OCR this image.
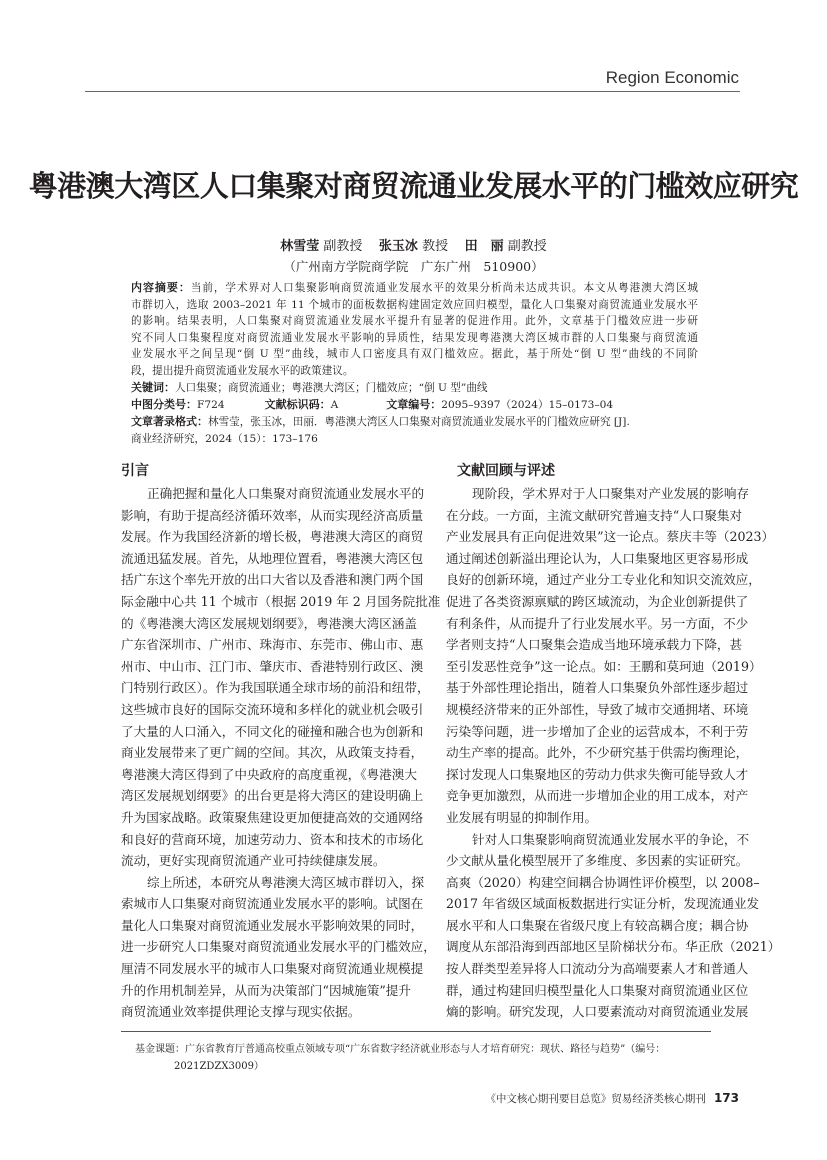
Region Economic
粤港澳大湾区人口集聚对商贸流通业发展水平的门槛效应研究
林雪莹 副教授 张玉冰 教授 田　丽 副教授
（广州南方学院商学院　广东广州　510900）
内容摘要：当前，学术界对人口集聚影响商贸流通业发展水平的效果分析尚未达成共识。本文从粤港澳大湾区城
市群切入，选取 2003–2021 年 11 个城市的面板数据构建固定效应回归模型，量化人口集聚对商贸流通业发展水平
的影响。结果表明，人口集聚对商贸流通业发展水平提升有显著的促进作用。此外，文章基于门槛效应进一步研
究不同人口集聚程度对商贸流通业发展水平影响的异质性，结果发现粤港澳大湾区城市群的人口集聚与商贸流通
业发展水平之间呈现“倒 U 型”曲线，城市人口密度具有双门槛效应。据此，基于所处“倒 U 型”曲线的不同阶
段，提出提升商贸流通业发展水平的政策建议。
关键词：人口集聚；商贸流通业；粤港澳大湾区；门槛效应；“倒 U 型”曲线
中图分类号：F724	文献标识码：A	文章编号：2095–9397（2024）15–0173–04
文章著录格式：林雪莹，张玉冰，田丽．粤港澳大湾区人口集聚对商贸流通业发展水平的门槛效应研究 [J].
商业经济研究，2024（15）：173–176
引言	文献回顾与评述
正确把握和量化人口集聚对商贸流通业发展水平的
影响，有助于提高经济循环效率，从而实现经济高质量
发展。作为我国经济新的增长极，粤港澳大湾区的商贸
流通迅猛发展。首先，从地理位置看，粤港澳大湾区包
括广东这个率先开放的出口大省以及香港和澳门两个国
际金融中心共 11 个城市（根据 2019 年 2 月国务院批准
的《粤港澳大湾区发展规划纲要》，粤港澳大湾区涵盖
广东省深圳市、广州市、珠海市、东莞市、佛山市、惠
州市、中山市、江门市、肇庆市、香港特别行政区、澳
门特别行政区）。作为我国联通全球市场的前沿和纽带，
这些城市良好的国际交流环境和多样化的就业机会吸引
了大量的人口涌入，不同文化的碰撞和融合也为创新和
商业发展带来了更广阔的空间。其次，从政策支持看，
粤港澳大湾区得到了中央政府的高度重视，《粤港澳大
湾区发展规划纲要》的出台更是将大湾区的建设明确上
升为国家战略。政策聚焦建设更加便捷高效的交通网络
和良好的营商环境，加速劳动力、资本和技术的市场化
流动，更好实现商贸流通产业可持续健康发展。
综上所述，本研究从粤港澳大湾区城市群切入，探
索城市人口集聚对商贸流通业发展水平的影响。试图在
量化人口集聚对商贸流通业发展水平影响效果的同时，
进一步研究人口集聚对商贸流通业发展水平的门槛效应，
厘清不同发展水平的城市人口集聚对商贸流通业规模提
升的作用机制差异，从而为决策部门“因城施策”提升
商贸流通业效率提供理论支撑与现实依据。
现阶段，学术界对于人口聚集对产业发展的影响存
在分歧。一方面，主流文献研究普遍支持“人口聚集对
产业发展具有正向促进效果”这一论点。蔡庆丰等（2023）
通过阐述创新溢出理论认为，人口集聚地区更容易形成
良好的创新环境，通过产业分工专业化和知识交流效应，
促进了各类资源禀赋的跨区域流动，为企业创新提供了
有利条件，从而提升了行业发展水平。另一方面，不少
学者则支持“人口聚集会造成当地环境承载力下降，甚
至引发恶性竞争”这一论点。如：王鹏和莫珂迪（2019）
基于外部性理论指出，随着人口集聚负外部性逐步超过
规模经济带来的正外部性，导致了城市交通拥堵、环境
污染等问题，进一步增加了企业的运营成本，不利于劳
动生产率的提高。此外，不少研究基于供需均衡理论，
探讨发现人口集聚地区的劳动力供求失衡可能导致人才
竞争更加激烈，从而进一步增加企业的用工成本，对产
业发展有明显的抑制作用。
针对人口集聚影响商贸流通业发展水平的争论，不
少文献从量化模型展开了多维度、多因素的实证研究。
高爽（2020）构建空间耦合协调性评价模型，以 2008–
2017 年省级区域面板数据进行实证分析，发现流通业发
展水平和人口集聚在省级尺度上有较高耦合度；耦合协
调度从东部沿海到西部地区呈阶梯状分布。华正欣（2021）
按人群类型差异将人口流动分为高端要素人才和普通人
群，通过构建回归模型量化人口集聚对商贸流通业区位
熵的影响。研究发现，人口要素流动对商贸流通业发展
基金课题：广东省教育厅普通高校重点领域专项“广东省数字经济就业形态与人才培育研究：现状、路径与趋势”（编号：
2021ZDZX3009）
《中文核心期刊要目总览》贸易经济类核心期刊 173
